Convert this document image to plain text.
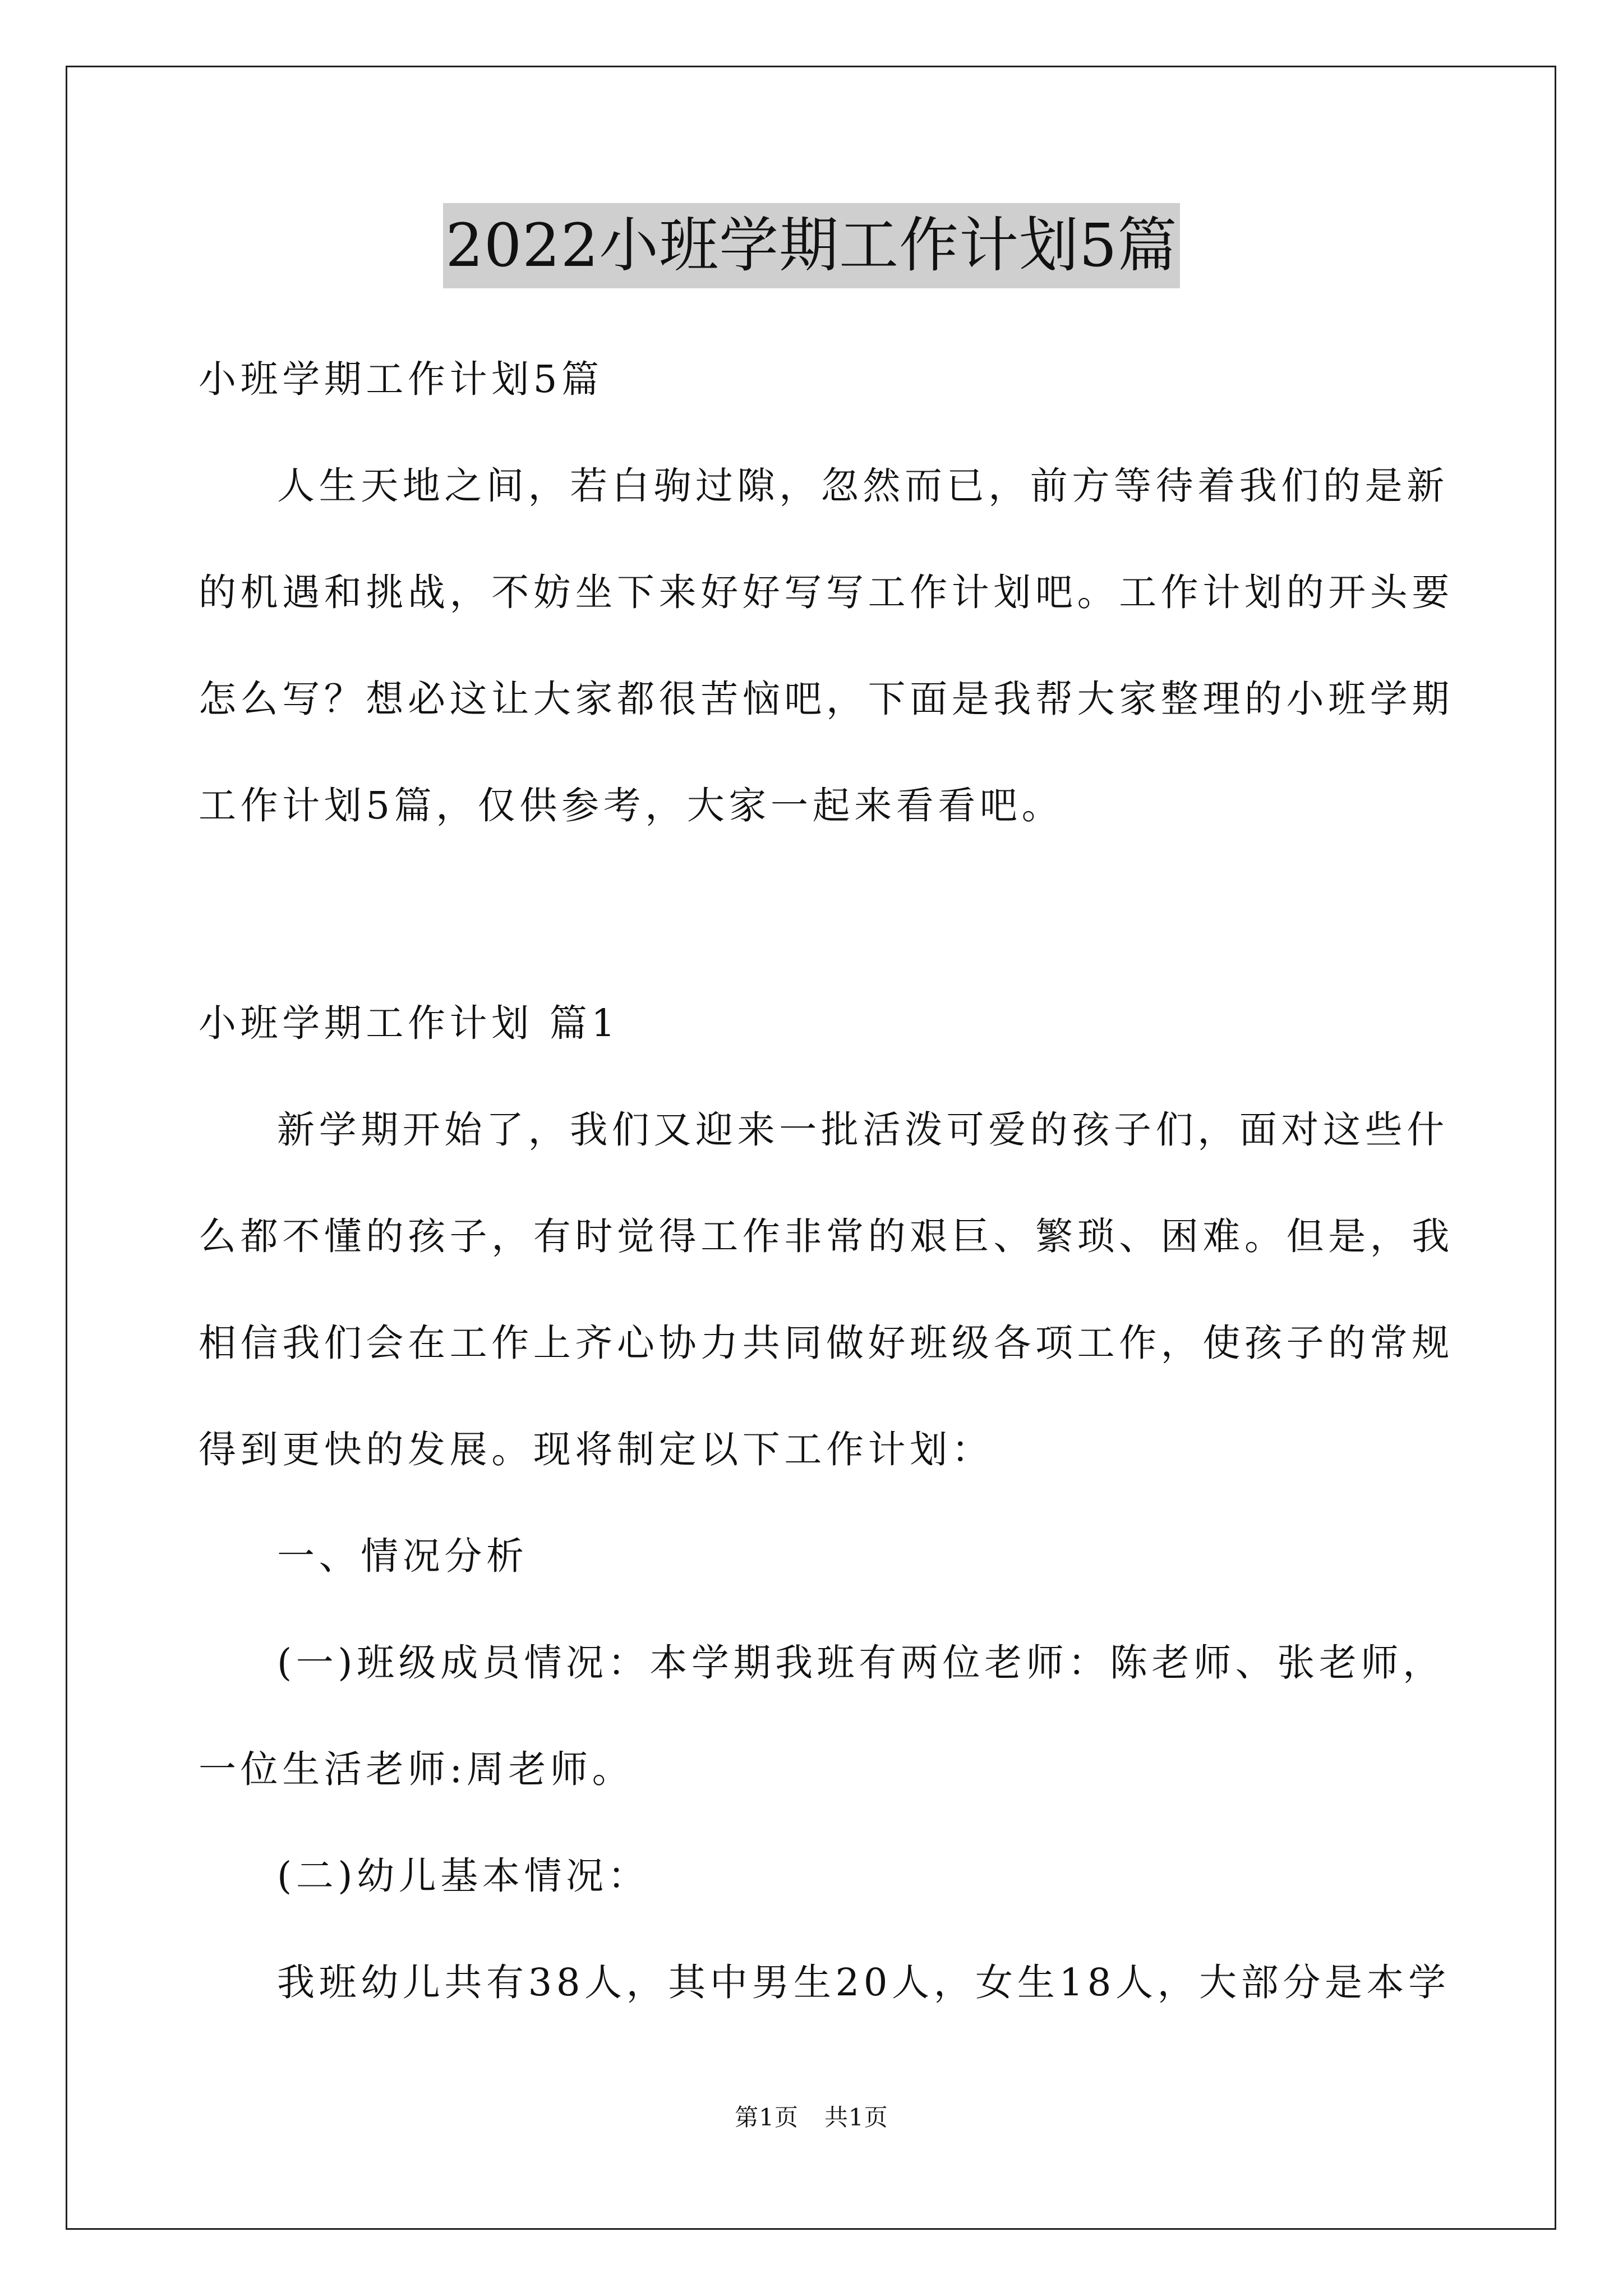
2022小班学期工作计划5篇
小班学期工作计划5篇
人生天地之间，若白驹过隙，忽然而已，前方等待着我们的是新
的机遇和挑战，不妨坐下来好好写写工作计划吧。工作计划的开头要
怎么写？想必这让大家都很苦恼吧，下面是我帮大家整理的小班学期
工作计划5篇，仅供参考，大家一起来看看吧。
小班学期工作计划 篇1
新学期开始了，我们又迎来一批活泼可爱的孩子们，面对这些什
么都不懂的孩子，有时觉得工作非常的艰巨、繁琐、困难。但是，我
相信我们会在工作上齐心协力共同做好班级各项工作，使孩子的常规
得到更快的发展。现将制定以下工作计划：
一、情况分析
(一)班级成员情况：本学期我班有两位老师：陈老师、张老师，
一位生活老师:周老师。
(二)幼儿基本情况：
我班幼儿共有38人，其中男生20人，女生18人，大部分是本学
第1页 共1页
